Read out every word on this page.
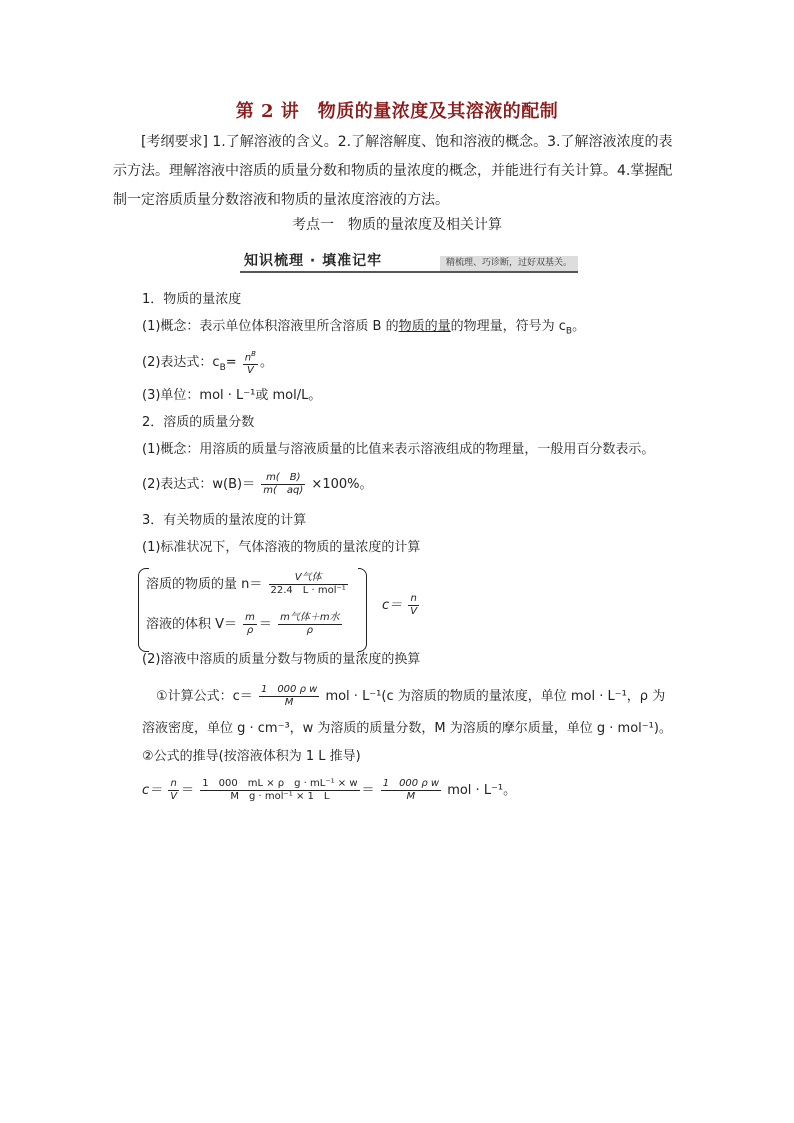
第 2 讲　物质的量浓度及其溶液的配制
[考纲要求] 1.了解溶液的含义。2.了解溶解度、饱和溶液的概念。3.了解溶液浓度的表示方法。理解溶液中溶质的质量分数和物质的量浓度的概念，并能进行有关计算。4.掌握配制一定溶质质量分数溶液和物质的量浓度溶液的方法。
考点一　物质的量浓度及相关计算
知识梳理 · 填准记牢	精梳理、巧诊断，过好双基关。
1．物质的量浓度
(1)概念：表示单位体积溶液里所含溶质 B 的物质的量的物理量，符号为 $c_B$。
(2)表达式：$c_B= \frac{n^B}{V}$ 。
(3)单位：mol · L⁻¹或 mol/L。
2．溶质的质量分数
(1)概念：用溶质的质量与溶液质量的比值来表示溶液组成的物理量，一般用百分数表示。
(2)表达式：$w(B)= \frac{m( B)}{m( aq)} \times 100\%$。
3．有关物质的量浓度的计算
(1)标准状况下，气体溶液的物质的量浓度的计算
溶质的物质的量 $n= \frac{\text{V气体}}{\text{22.4　L · mol⁻¹}}$
溶液的体积 $V= \frac{m}{\rho} = \frac{\text{m气体＋m水}}{\rho}$
$c= \frac{n}{V}$
(2)溶液中溶质的质量分数与物质的量浓度的换算
①计算公式：$c= \frac{\text{1　000 ρ w}}{M}$ mol · L⁻¹(c 为溶质的物质的量浓度，单位 mol · L⁻¹，ρ 为
溶液密度，单位 g · cm⁻³，w 为溶质的质量分数，M 为溶质的摩尔质量，单位 g · mol⁻¹)。
②公式的推导(按溶液体积为 1 L 推导)
$c= \frac{n}{V} = \frac{\text{1　000　mL × ρ　g · mL⁻¹ × w}}{\text{M　g · mol⁻¹ × 1　L}} = \frac{\text{1　000 ρ w}}{M}$ mol · L⁻¹。
